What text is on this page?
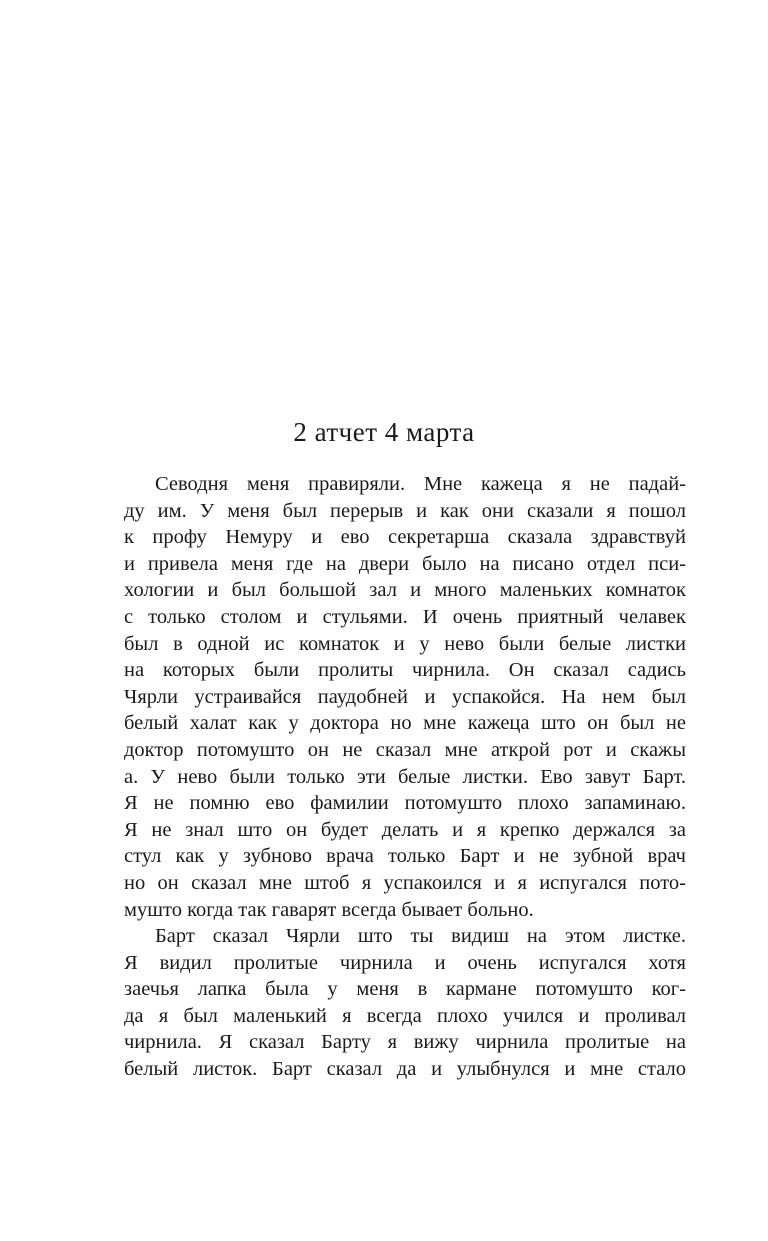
2 атчет 4 марта
Севодня меня правиряли. Мне кажеца я не падай-
ду им. У меня был перерыв и как они сказали я пошол
к профу Немуру и ево секретарша сказала здравствуй
и привела меня где на двери было на писано отдел пси-
хологии и был большой зал и много маленьких комнаток
с только столом и стульями. И очень приятный челавек
был в одной ис комнаток и у нево были белые листки
на которых были пролиты чирнила. Он сказал садись
Чярли устраивайся паудобней и успакойся. На нем был
белый халат как у доктора но мне кажеца што он был не
доктор потомушто он не сказал мне аткрой рот и скажы
а. У нево были только эти белые листки. Ево завут Барт.
Я не помню ево фамилии потомушто плохо запаминаю.
Я не знал што он будет делать и я крепко держался за
стул как у зубново врача только Барт и не зубной врач
но он сказал мне штоб я успакоился и я испугался пото-
мушто когда так гаварят всегда бывает больно.
Барт сказал Чярли што ты видиш на этом листке.
Я видил пролитые чирнила и очень испугался хотя
заечья лапка была у меня в кармане потомушто ког-
да я был маленький я всегда плохо учился и проливал
чирнила. Я сказал Барту я вижу чирнила пролитые на
белый листок. Барт сказал да и улыбнулся и мне стало
